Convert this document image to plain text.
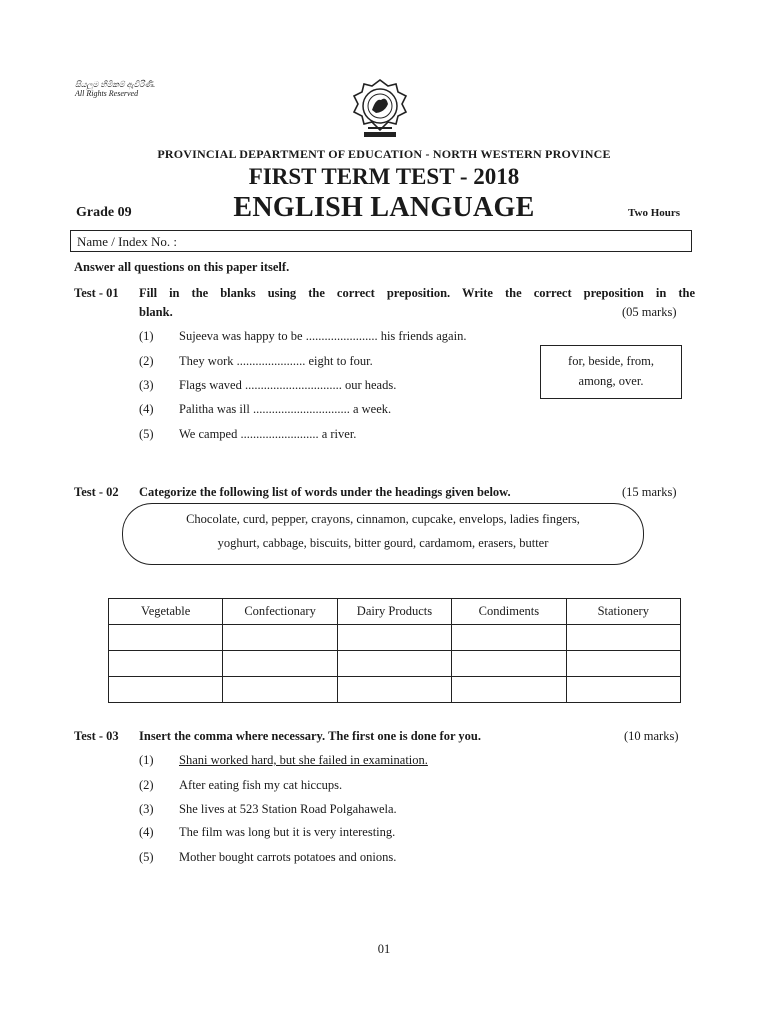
සියලුම හිමිකම් ඇවිරිණි.
All Rights Reserved
PROVINCIAL DEPARTMENT OF EDUCATION - NORTH WESTERN PROVINCE
FIRST TERM TEST - 2018
Grade 09	ENGLISH LANGUAGE	Two Hours
Name / Index No. :
Answer all questions on this paper itself.
Test - 01 Fill in the blanks using the correct preposition. Write the correct preposition in the
blank.	(05 marks)
(1) Sujeeva was happy to be ....................... his friends again.
(2) They work ...................... eight to four.
(3) Flags waved ............................... our heads.
(4) Palitha was ill ............................... a week.
(5) We camped ......................... a river.
for, beside, from,
among, over.
Test - 02 Categorize the following list of words under the headings given below.	(15 marks)
Chocolate, curd, pepper, crayons, cinnamon, cupcake, envelops, ladies fingers,
yoghurt, cabbage, biscuits, bitter gourd, cardamom, erasers, butter
Vegetable	Confectionary	Dairy Products	Condiments	Stationery

Test - 03 Insert the comma where necessary. The first one is done for you.	(10 marks)
(1) Shani worked hard, but she failed in examination.
(2) After eating fish my cat hiccups.
(3) She lives at 523 Station Road Polgahawela.
(4) The film was long but it is very interesting.
(5) Mother bought carrots potatoes and onions.
01
